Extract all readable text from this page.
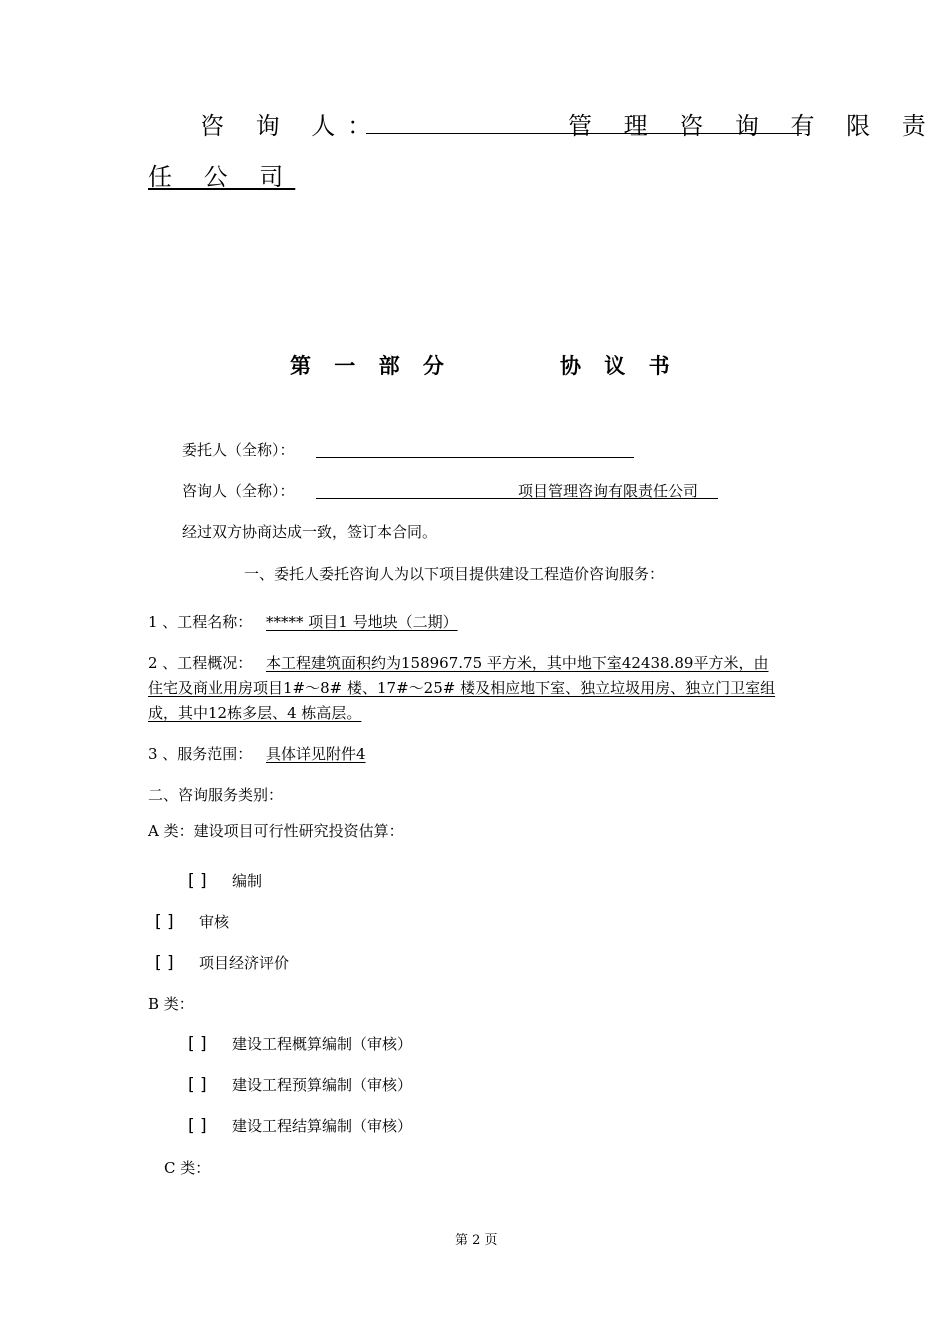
咨 询 人：	管 理 咨 询 有 限 责
任 公 司
第 一 部 分	协 议 书
委托人（全称）：
咨询人（全称）：	项目管理咨询有限责任公司
经过双方协商达成一致，签订本合同。
一、委托人委托咨询人为以下项目提供建设工程造价咨询服务：
1 、工程名称： ***** 项目1 号地块（二期）
2 、工程概况： 本工程建筑面积约为158967.75 平方米，其中地下室42438.89平方米，由
住宅及商业用房项目1#～8# 楼、17#～25# 楼及相应地下室、独立垃圾用房、独立门卫室组
成，其中12栋多层、4 栋高层。
3 、服务范围： 具体详见附件4
二、咨询服务类别：
A 类：建设项目可行性研究投资估算：
[ ] 编制
[ ] 审核
[ ] 项目经济评价
B 类：
[ ] 建设工程概算编制（审核）
[ ] 建设工程预算编制（审核）
[ ] 建设工程结算编制（审核）
C 类：
第 2 页
